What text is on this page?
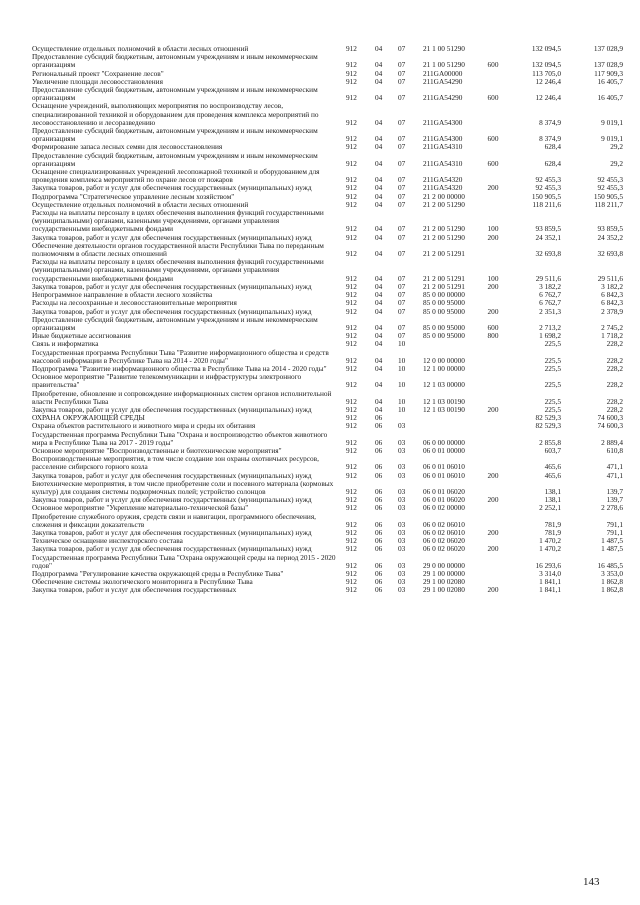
Осуществление отдельных полномочий в области лесных отношений	912	04	07	21 1 00 51290	132 094,5	137 028,9
Предоставление субсидий бюджетным, автономным учреждениям и иным некоммерческим организациям	912	04	07	21 1 00 51290	600	132 094,5	137 028,9
Региональный проект "Сохранение лесов"	912	04	07	211GA00000	113 705,0	117 909,3
Увеличение площади лесовосстановления	912	04	07	211GA54290	12 246,4	16 405,7
Предоставление субсидий бюджетным, автономным учреждениям и иным некоммерческим организациям	912	04	07	211GA54290	600	12 246,4	16 405,7
Оснащение учреждений, выполняющих мероприятия по воспроизводству лесов, специализированной техникой и оборудованием для проведения комплекса мероприятий по лесовосстановлению и лесоразведению	912	04	07	211GA54300	8 374,9	9 019,1
Предоставление субсидий бюджетным, автономным учреждениям и иным некоммерческим организациям	912	04	07	211GA54300	600	8 374,9	9 019,1
Формирование запаса лесных семян для лесовосстановления	912	04	07	211GA54310	628,4	29,2
Предоставление субсидий бюджетным, автономным учреждениям и иным некоммерческим организациям	912	04	07	211GA54310	600	628,4	29,2
Оснащение специализированных учреждений лесопожарной техникой и оборудованием для проведения комплекса мероприятий по охране лесов от пожаров	912	04	07	211GA54320	92 455,3	92 455,3
Закупка товаров, работ и услуг для обеспечения государственных (муниципальных) нужд	912	04	07	211GA54320	200	92 455,3	92 455,3
Подпрограмма "Стратегическое управление лесным хозяйством"	912	04	07	21 2 00 00000	150 905,5	150 905,5
Осуществление отдельных полномочий в области лесных отношений	912	04	07	21 2 00 51290	118 211,6	118 211,7
Расходы на выплаты персоналу в целях обеспечения выполнения функций государственными (муниципальными) органами, казенными учреждениями, органами управления государственными внебюджетными фондами	912	04	07	21 2 00 51290	100	93 859,5	93 859,5
Закупка товаров, работ и услуг для обеспечения государственных (муниципальных) нужд	912	04	07	21 2 00 51290	200	24 352,1	24 352,2
Обеспечение деятельности органов государственной власти Республики Тыва по переданным полномочиям в области лесных отношений	912	04	07	21 2 00 51291	32 693,8	32 693,8
Расходы на выплаты персоналу в целях обеспечения выполнения функций государственными (муниципальными) органами, казенными учреждениями, органами управления государственными внебюджетными фондами	912	04	07	21 2 00 51291	100	29 511,6	29 511,6
Закупка товаров, работ и услуг для обеспечения государственных (муниципальных) нужд	912	04	07	21 2 00 51291	200	3 182,2	3 182,2
Непрограммное направление в области лесного хозяйства	912	04	07	85 0 00 00000	6 762,7	6 842,3
Расходы на лесоохранные и лесовосстановительные мероприятия	912	04	07	85 0 00 95000	6 762,7	6 842,3
Закупка товаров, работ и услуг для обеспечения государственных (муниципальных) нужд	912	04	07	85 0 00 95000	200	2 351,3	2 378,9
Предоставление субсидий бюджетным, автономным учреждениям и иным некоммерческим организациям	912	04	07	85 0 00 95000	600	2 713,2	2 745,2
Иные бюджетные ассигнования	912	04	07	85 0 00 95000	800	1 698,2	1 718,2
Связь и информатика	912	04	10	225,5	228,2
Государственная программа Республики Тыва "Развитие информационного общества и средств массовой информации в Республике Тыва на 2014 - 2020 годы"	912	04	10	12 0 00 00000	225,5	228,2
Подпрограмма "Развитие информационного общества в Республике Тыва на 2014 - 2020 годы"	912	04	10	12 1 00 00000	225,5	228,2
Основное мероприятие "Развитие телекоммуникации и инфраструктуры электронного правительства"	912	04	10	12 1 03 00000	225,5	228,2
Приобретение, обновление и сопровождение информационных систем органов исполнительной власти Республики Тыва	912	04	10	12 1 03 00190	225,5	228,2
Закупка товаров, работ и услуг для обеспечения государственных (муниципальных) нужд	912	04	10	12 1 03 00190	200	225,5	228,2
ОХРАНА ОКРУЖАЮЩЕЙ СРЕДЫ	912	06	82 529,3	74 600,3
Охрана объектов растительного и животного мира и среды их обитания	912	06	03	82 529,3	74 600,3
Государственная программа Республики Тыва "Охрана и воспроизводство объектов животного мира в Республике Тыва на 2017 - 2019 годы"	912	06	03	06 0 00 00000	2 855,8	2 889,4
Основное мероприятие "Воспроизводственные и биотехнические мероприятия"	912	06	03	06 0 01 00000	603,7	610,8
Воспроизводственные мероприятия, в том числе создание зон охраны охотничьих ресурсов, расселение сибирского горного козла	912	06	03	06 0 01 06010	465,6	471,1
Закупка товаров, работ и услуг для обеспечения государственных (муниципальных) нужд	912	06	03	06 0 01 06010	200	465,6	471,1
Биотехнические мероприятия, в том числе приобретение соли и посевного материала (кормовых культур) для создания системы подкормочных полей; устройство солонцов	912	06	03	06 0 01 06020	138,1	139,7
Закупка товаров, работ и услуг для обеспечения государственных (муниципальных) нужд	912	06	03	06 0 01 06020	200	138,1	139,7
Основное мероприятие "Укрепление материально-технической базы"	912	06	03	06 0 02 00000	2 252,1	2 278,6
Приобретение служебного оружия, средств связи и навигации, программного обеспечения, слежения и фиксации доказательств	912	06	03	06 0 02 06010	781,9	791,1
Закупка товаров, работ и услуг для обеспечения государственных (муниципальных) нужд	912	06	03	06 0 02 06010	200	781,9	791,1
Техническое оснащение инспекторского состава	912	06	03	06 0 02 06020	1 470,2	1 487,5
Закупка товаров, работ и услуг для обеспечения государственных (муниципальных) нужд	912	06	03	06 0 02 06020	200	1 470,2	1 487,5
Государственная программа Республики Тыва "Охрана окружающей среды на период 2015 - 2020 годов"	912	06	03	29 0 00 00000	16 293,6	16 485,5
Подпрограмма "Регулирование качества окружающей среды в Республике Тыва"	912	06	03	29 1 00 00000	3 314,0	3 353,0
Обеспечение системы экологического мониторинга в Республике Тыва	912	06	03	29 1 00 02080	1 841,1	1 862,8
Закупка товаров, работ и услуг для обеспечения государственных	912	06	03	29 1 00 02080	200	1 841,1	1 862,8
143
